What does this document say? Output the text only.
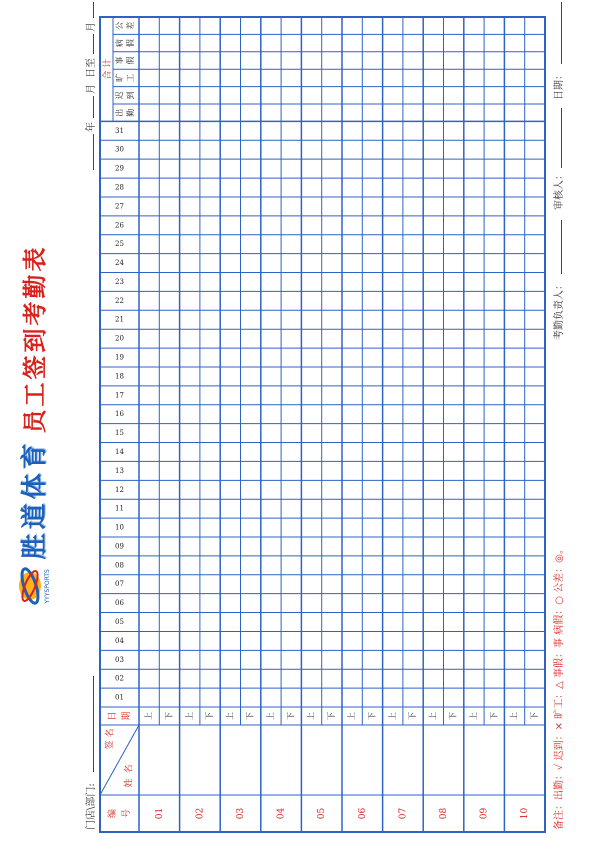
YYYSPORTS
胜道体育
员工签到考勤表
门店\部门:
年
月
日至
月
编 号
签
名
姓
名
日 期
01
02
03
04
05
06
07
08
09
10
11
12
13
14
15
16
17
18
19
20
21
22
23
24
25
26
27
28
29
30
31
合 计
出 勤
迟 到
旷 工
事 假
病 假
公 差
01
上 下
02
上 下
03
上 下
04
上 下
05
上 下
06
上 下
07
上 下
08
上 下
09
上 下
10
上 下	备注：出勤：✓ 迟到：× 旷工：△ 事假：事 病假：○ 公差：◎。
考勤负责人：
审核人：
日期：
